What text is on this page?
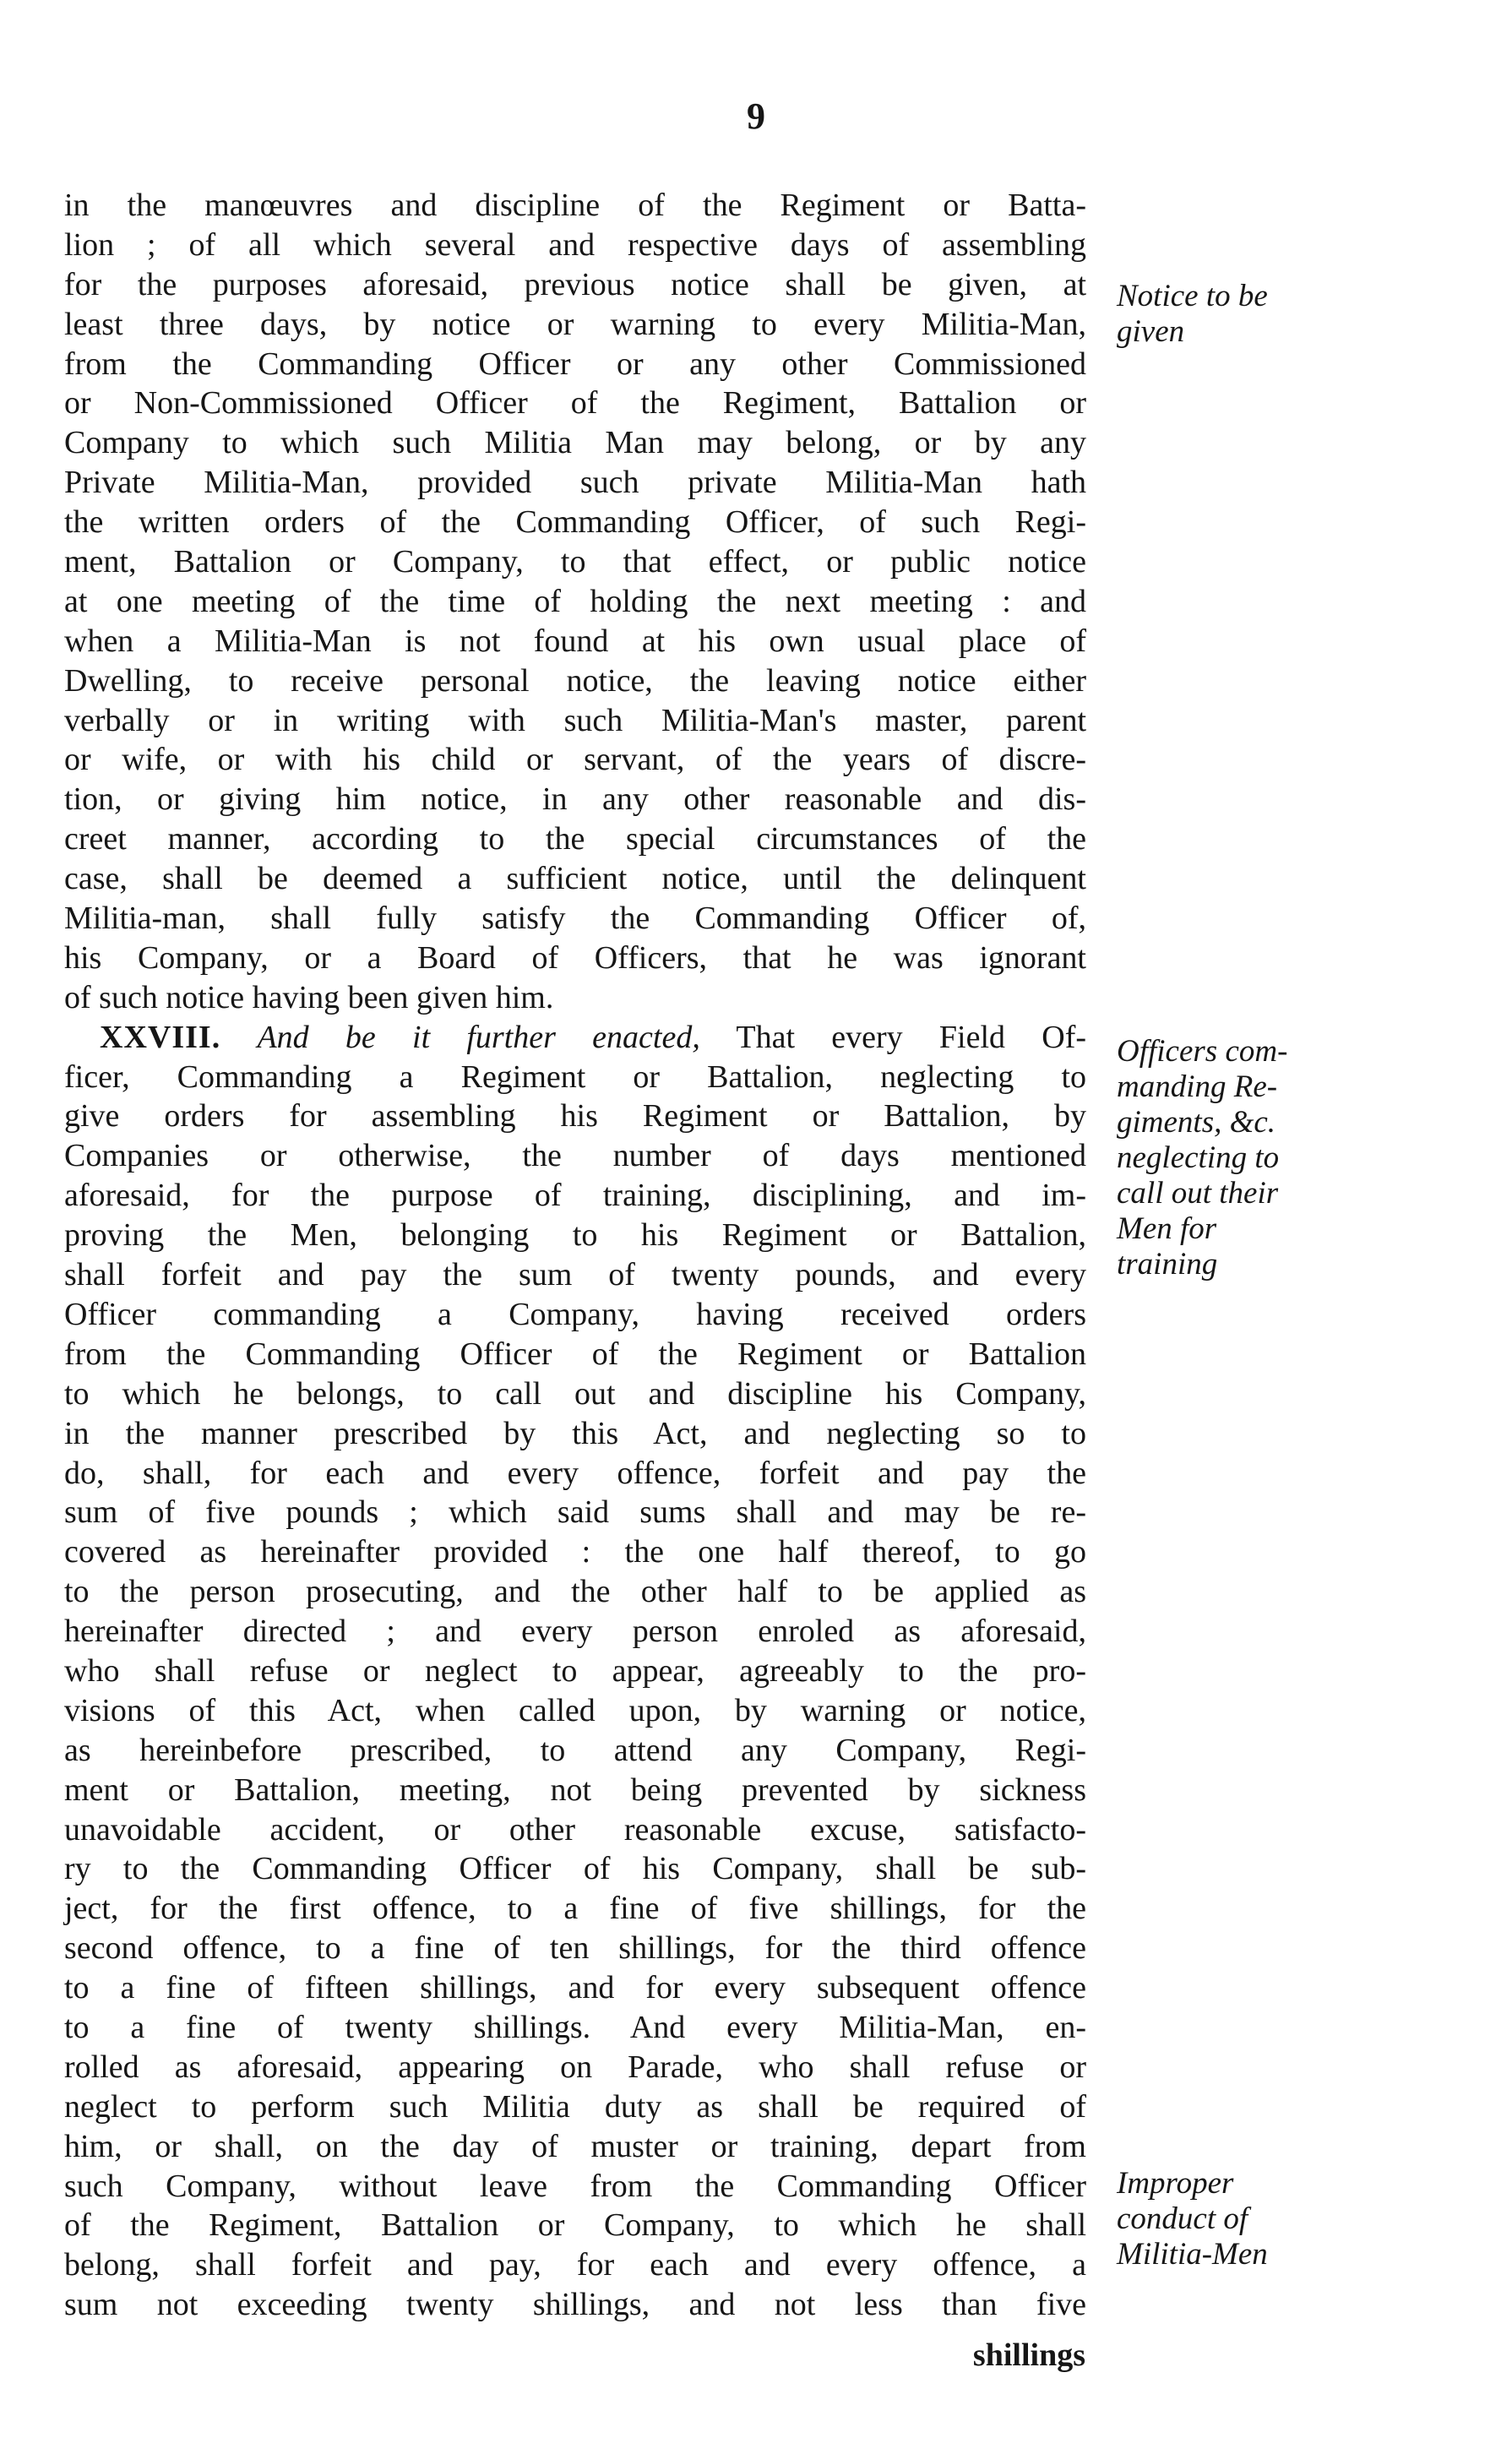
9
in the manœuvres and discipline of the Regiment or Batta-
lion ; of all which several and respective days of assembling
for the purposes aforesaid, previous notice shall be given, at
least three days, by notice or warning to every Militia-Man,
from the Commanding Officer or any other Commissioned
or Non-Commissioned Officer of the Regiment, Battalion or
Company to which such Militia Man may belong, or by any
Private Militia-Man, provided such private Militia-Man hath
the written orders of the Commanding Officer, of such Regi-
ment, Battalion or Company, to that effect, or public notice
at one meeting of the time of holding the next meeting : and
when a Militia-Man is not found at his own usual place of
Dwelling, to receive personal notice, the leaving notice either
verbally or in writing with such Militia-Man's master, parent
or wife, or with his child or servant, of the years of discre-
tion, or giving him notice, in any other reasonable and dis-
creet manner, according to the special circumstances of the
case, shall be deemed a sufficient notice, until the delinquent
Militia-man, shall fully satisfy the Commanding Officer of,
his Company, or a Board of Officers, that he was ignorant
of such notice having been given him.
XXVIII. And be it further enacted, That every Field Of-
ficer, Commanding a Regiment or Battalion, neglecting to
give orders for assembling his Regiment or Battalion, by
Companies or otherwise, the number of days mentioned
aforesaid, for the purpose of training, disciplining, and im-
proving the Men, belonging to his Regiment or Battalion,
shall forfeit and pay the sum of twenty pounds, and every
Officer commanding a Company, having received orders
from the Commanding Officer of the Regiment or Battalion
to which he belongs, to call out and discipline his Company,
in the manner prescribed by this Act, and neglecting so to
do, shall, for each and every offence, forfeit and pay the
sum of five pounds ; which said sums shall and may be re-
covered as hereinafter provided : the one half thereof, to go
to the person prosecuting, and the other half to be applied as
hereinafter directed ; and every person enroled as aforesaid,
who shall refuse or neglect to appear, agreeably to the pro-
visions of this Act, when called upon, by warning or notice,
as hereinbefore prescribed, to attend any Company, Regi-
ment or Battalion, meeting, not being prevented by sickness
unavoidable accident, or other reasonable excuse, satisfacto-
ry to the Commanding Officer of his Company, shall be sub-
ject, for the first offence, to a fine of five shillings, for the
second offence, to a fine of ten shillings, for the third offence
to a fine of fifteen shillings, and for every subsequent offence
to a fine of twenty shillings. And every Militia-Man, en-
rolled as aforesaid, appearing on Parade, who shall refuse or
neglect to perform such Militia duty as shall be required of
him, or shall, on the day of muster or training, depart from
such Company, without leave from the Commanding Officer
of the Regiment, Battalion or Company, to which he shall
belong, shall forfeit and pay, for each and every offence, a
sum not exceeding twenty shillings, and not less than five
Notice to be
given
Officers com-
manding Re-
giments, &c.
neglecting to
call out their
Men for
training
Improper
conduct of
Militia-Men
shillings
